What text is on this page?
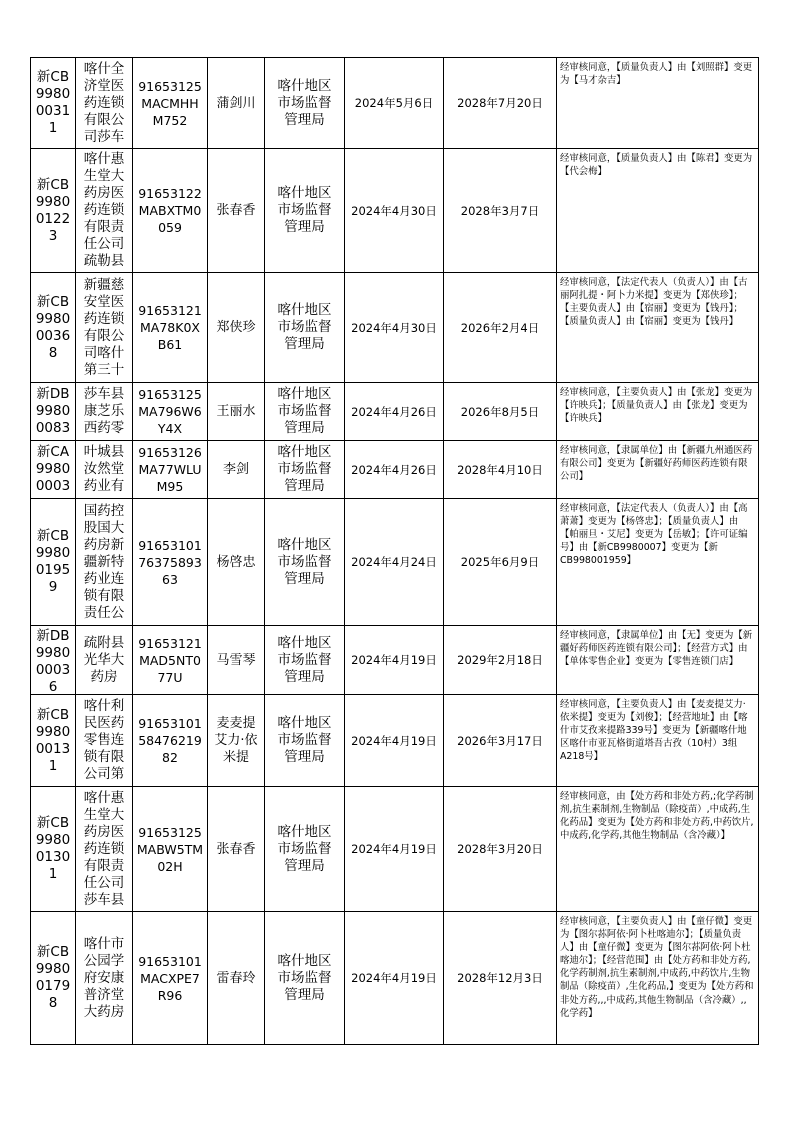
新CB99800031 1	喀什全济堂医药连锁有限公司莎车	91653125MACMHHM752	蒲剑川	喀什地区市场监督管理局	2024年5月6日	2028年7月20日	经审核同意，【质量负责人】由【刘照群】变更为【马才杂吉】

新CB99800122 3	喀什惠生堂大药房医药连锁有限责任公司疏勒县	91653122MABXTM0059	张春香	喀什地区市场监督管理局	2024年4月30日	2028年3月7日	经审核同意，【质量负责人】由【陈君】变更为【代会梅】

新CB99800036 8	新疆慈安堂医药连锁有限公司喀什第三十	91653121MA78K0XB61	郑侠珍	喀什地区市场监督管理局	2024年4月30日	2026年2月4日	经审核同意，【法定代表人（负责人）】由【古丽阿扎提・阿卜力米提】变更为【郑侠珍】；【主要负责人】由【宿丽】变更为【钱丹】；【质量负责人】由【宿丽】变更为【钱丹】

新DB99800083	莎车县康芝乐西药零	91653125MA796W6Y4X	王丽水	喀什地区市场监督管理局	2024年4月26日	2026年8月5日	经审核同意，【主要负责人】由【张龙】变更为【许映兵】；【质量负责人】由【张龙】变更为【许映兵】

新CA99800003	叶城县汝然堂药业有	91653126MA77WLUM95	李剑	喀什地区市场监督管理局	2024年4月26日	2028年4月10日	经审核同意，【隶属单位】由【新疆九州通医药有限公司】变更为【新疆好药师医药连锁有限公司】

新CB99800195 9	国药控股国大药房新疆新特药业连锁有限责任公	916531017637589363	杨啓忠	喀什地区市场监督管理局	2024年4月24日	2025年6月9日	经审核同意，【法定代表人（负责人）】由【高萧萧】变更为【杨啓忠】；【质量负责人】由【帕丽旦・艾尼】变更为【岳敏】；【许可证编号】由【新CB9980007】变更为【新CB998001959】

新DB99800003 6	疏附县光华大药房	91653121MAD5NT077U	马雪琴	喀什地区市场监督管理局	2024年4月19日	2029年2月18日	经审核同意，【隶属单位】由【无】变更为【新疆好药师医药连锁有限公司】；【经营方式】由【单体零售企业】变更为【零售连锁门店】

新CB99800013 1	喀什利民医药零售连锁有限公司第	916531015847621982	麦麦提艾力·依米提	喀什地区市场监督管理局	2024年4月19日	2026年3月17日	经审核同意，【主要负责人】由【麦麦提艾力·依米提】变更为【刘俊】；【经营地址】由【喀什市艾孜来提路339号】变更为【新疆喀什地区喀什市亚瓦格街道塔吾古孜（10村）3组A218号】

新CB99800130 1	喀什惠生堂大药房医药连锁有限责任公司莎车县	91653125MABW5TM02H	张春香	喀什地区市场监督管理局	2024年4月19日	2028年3月20日	经审核同意，由【处方药和非处方药,;化学药制剂,抗生素制剂,生物制品（除疫苗）,中成药,生化药品】变更为【处方药和非处方药,中药饮片,中成药,化学药,其他生物制品（含冷藏）】

新CB99800179 8	喀什市公园学府安康普济堂大药房	91653101MACXPE7R96	雷春玲	喀什地区市场监督管理局	2024年4月19日	2028年12月3日	经审核同意，【主要负责人】由【童仔微】变更为【图尔荪阿依·阿卜杜喀迪尔】；【质量负责人】由【童仔微】变更为【图尔荪阿依·阿卜杜喀迪尔】；【经营范围】由【处方药和非处方药,化学药制剂,抗生素制剂,中成药,中药饮片,生物制品（除疫苗）,生化药品,】变更为【处方药和非处方药,,,中成药,其他生物制品（含冷藏）,,化学药】
